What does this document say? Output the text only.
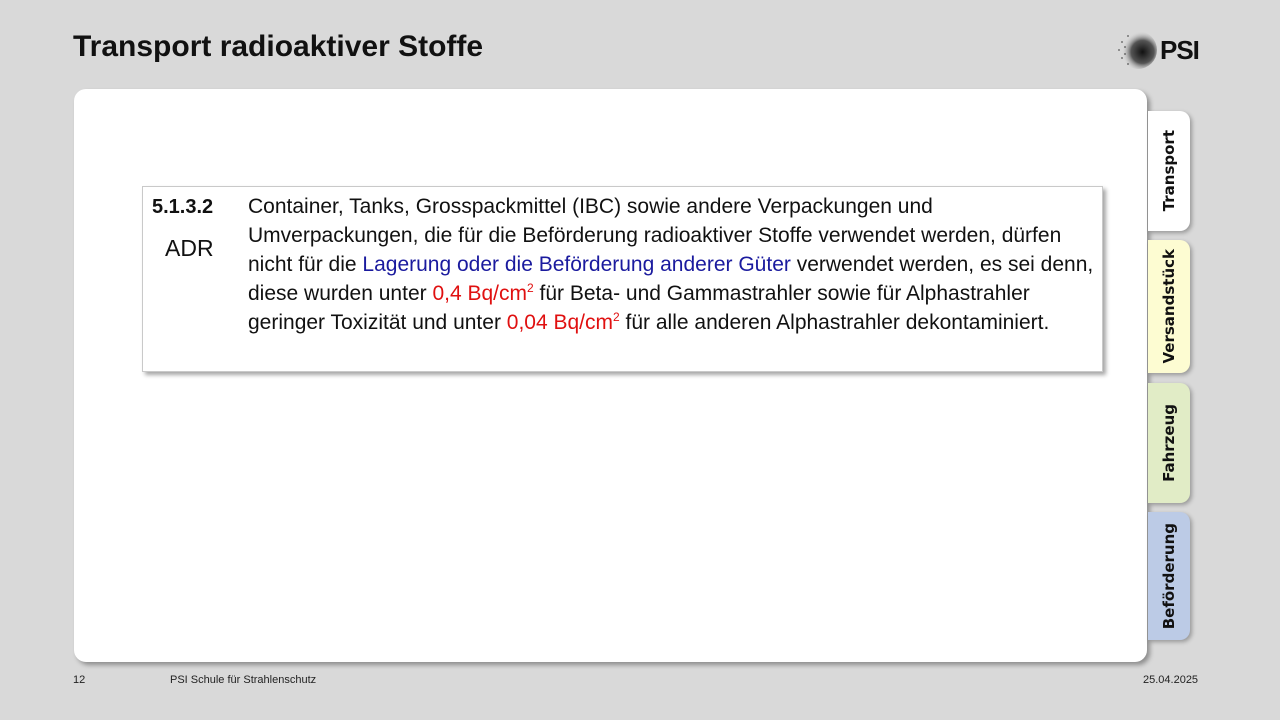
Transport radioaktiver Stoffe	PSI
5.1.3.2
ADR
Container, Tanks, Grosspackmittel (IBC) sowie andere Verpackungen und Umverpackungen, die für die Beförderung radioaktiver Stoffe verwendet werden, dürfen nicht für die Lagerung oder die Beförderung anderer Güter verwendet werden, es sei denn, diese wurden unter 0,4 $Bq/cm^2$ für Beta- und Gammastrahler sowie für Alphastrahler geringer Toxizität und unter 0,04 $Bq/cm^2$ für alle anderen Alphastrahler dekontaminiert.
Transport
Versandstück
Fahrzeug
Beförderung
12	PSI Schule für Strahlenschutz	25.04.2025
